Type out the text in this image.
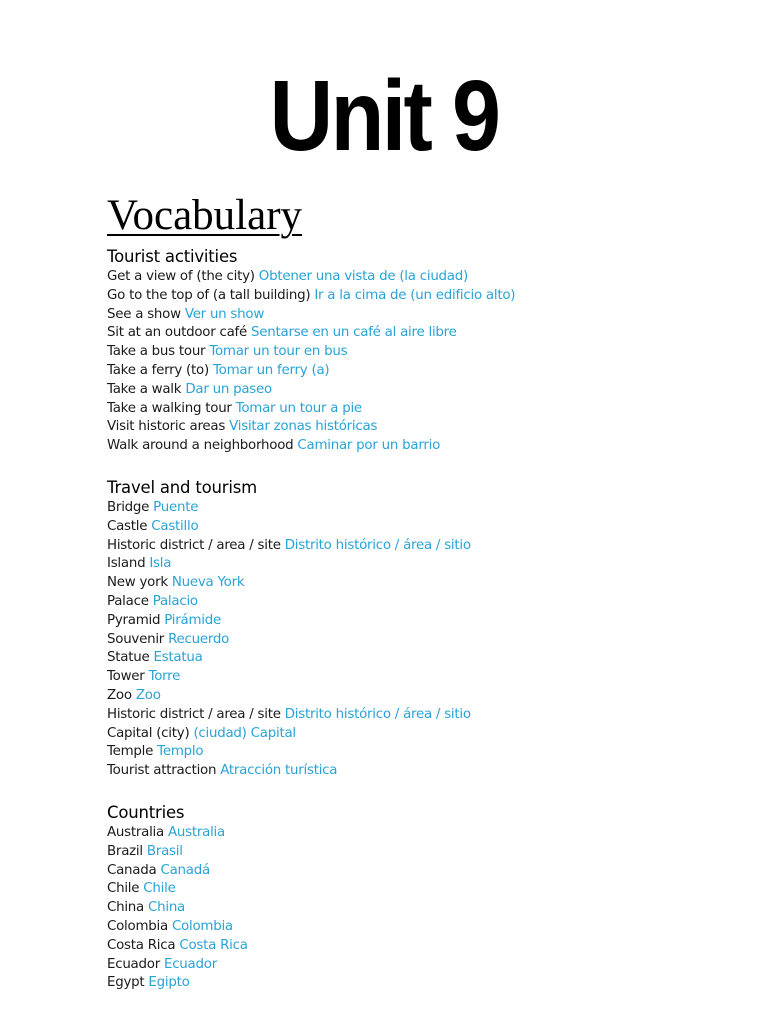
Unit 9
Vocabulary
Tourist activities
Get a view of (the city) Obtener una vista de (la ciudad)
Go to the top of (a tall building) Ir a la cima de (un edificio alto)
See a show Ver un show
Sit at an outdoor café Sentarse en un café al aire libre
Take a bus tour Tomar un tour en bus
Take a ferry (to) Tomar un ferry (a)
Take a walk Dar un paseo
Take a walking tour Tomar un tour a pie
Visit historic areas Visitar zonas históricas
Walk around a neighborhood Caminar por un barrio
Travel and tourism
Bridge Puente
Castle Castillo
Historic district / area / site Distrito histórico / área / sitio
Island Isla
New york Nueva York
Palace Palacio
Pyramid Pirámide
Souvenir Recuerdo
Statue Estatua
Tower Torre
Zoo Zoo
Historic district / area / site Distrito histórico / área / sitio
Capital (city) (ciudad) Capital
Temple Templo
Tourist attraction Atracción turística
Countries
Australia Australia
Brazil Brasil
Canada Canadá
Chile Chile
China China
Colombia Colombia
Costa Rica Costa Rica
Ecuador Ecuador
Egypt Egipto
